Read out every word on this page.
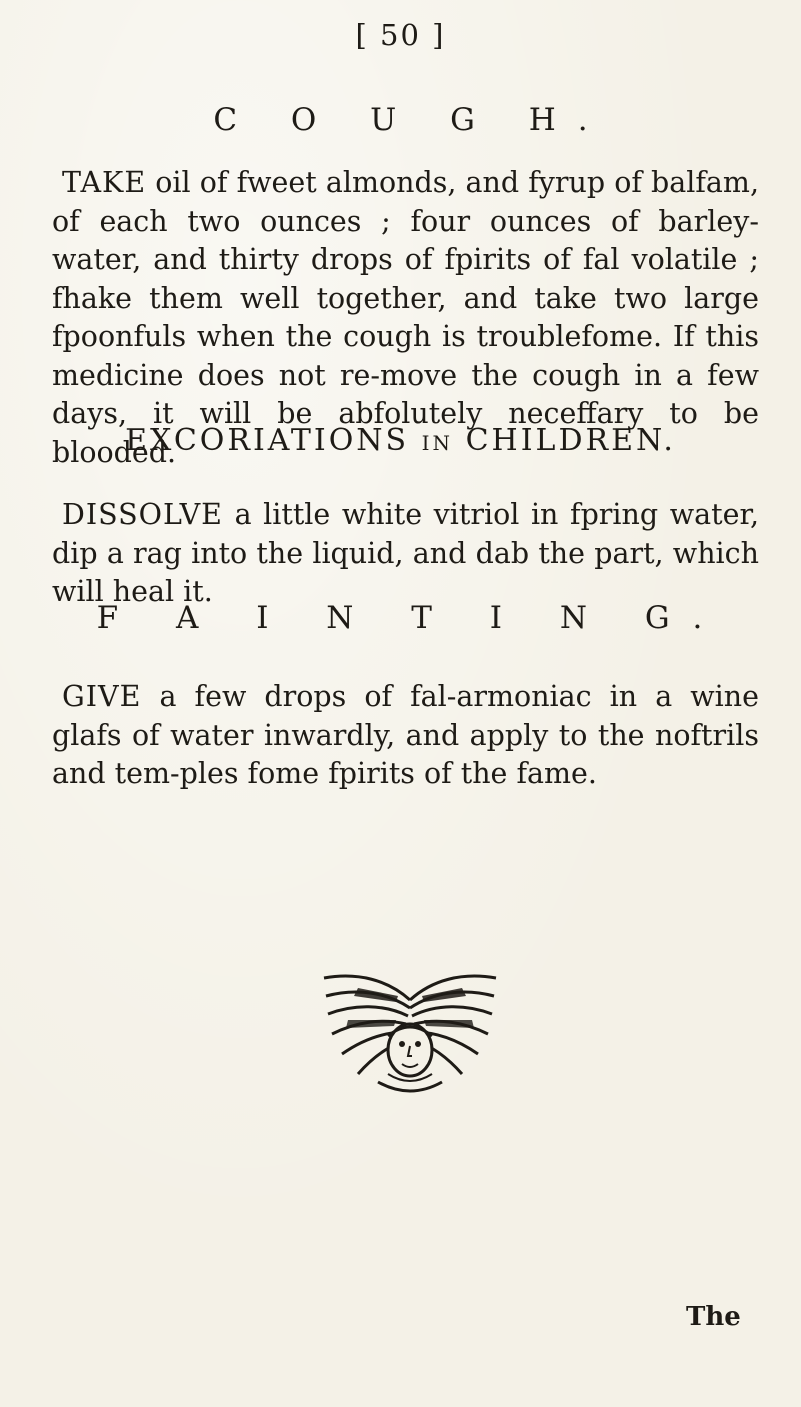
[ 50 ]
C O U G H.

TAKE oil of fweet almonds, and fyrup of balfam, of each two ounces ; four ounces of barley-water, and thirty drops of fpirits of fal volatile ; fhake them well together, and take two large fpoonfuls when the cough is troublefome. If this medicine does not re-move the cough in a few days, it will be abfolutely neceffary to be blooded.

EXCORIATIONS IN CHILDREN.

DISSOLVE a little white vitriol in fpring water, dip a rag into the liquid, and dab the part, which will heal it.

F A I N T I N G.

GIVE a few drops of fal-armoniac in a wine glafs of water inwardly, and apply to the noftrils and tem-ples fome fpirits of the fame.

The
